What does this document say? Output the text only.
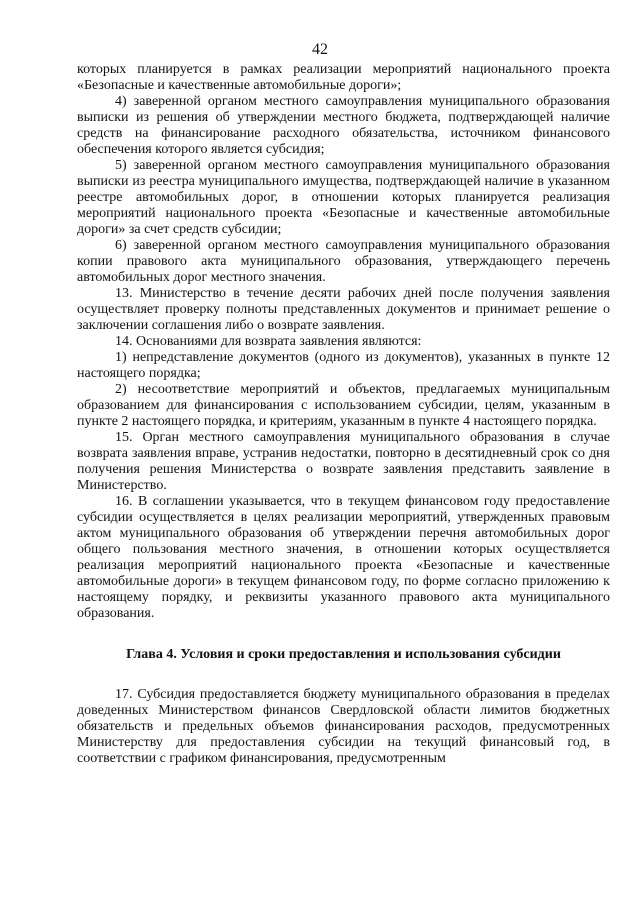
42

которых планируется в рамках реализации мероприятий национального проекта «Безопасные и качественные автомобильные дороги»;

4) заверенной органом местного самоуправления муниципального образования выписки из решения об утверждении местного бюджета, подтверждающей наличие средств на финансирование расходного обязательства, источником финансового обеспечения которого является субсидия;

5) заверенной органом местного самоуправления муниципального образования выписки из реестра муниципального имущества, подтверждающей наличие в указанном реестре автомобильных дорог, в отношении которых планируется реализация мероприятий национального проекта «Безопасные и качественные автомобильные дороги» за счет средств субсидии;

6) заверенной органом местного самоуправления муниципального образования копии правового акта муниципального образования, утверждающего перечень автомобильных дорог местного значения.

13. Министерство в течение десяти рабочих дней после получения заявления осуществляет проверку полноты представленных документов и принимает решение о заключении соглашения либо о возврате заявления.

14. Основаниями для возврата заявления являются:

1) непредставление документов (одного из документов), указанных в пункте 12 настоящего порядка;

2) несоответствие мероприятий и объектов, предлагаемых муниципальным образованием для финансирования с использованием субсидии, целям, указанным в пункте 2 настоящего порядка, и критериям, указанным в пункте 4 настоящего порядка.

15. Орган местного самоуправления муниципального образования в случае возврата заявления вправе, устранив недостатки, повторно в десятидневный срок со дня получения решения Министерства о возврате заявления представить заявление в Министерство.

16. В соглашении указывается, что в текущем финансовом году предоставление субсидии осуществляется в целях реализации мероприятий, утвержденных правовым актом муниципального образования об утверждении перечня автомобильных дорог общего пользования местного значения, в отношении которых осуществляется реализация мероприятий национального проекта «Безопасные и качественные автомобильные дороги» в текущем финансовом году, по форме согласно приложению к настоящему порядку, и реквизиты указанного правового акта муниципального образования.

Глава 4. Условия и сроки предоставления и использования субсидии

17. Субсидия предоставляется бюджету муниципального образования в пределах доведенных Министерством финансов Свердловской области лимитов бюджетных обязательств и предельных объемов финансирования расходов, предусмотренных Министерству для предоставления субсидии на текущий финансовый год, в соответствии с графиком финансирования, предусмотренным
